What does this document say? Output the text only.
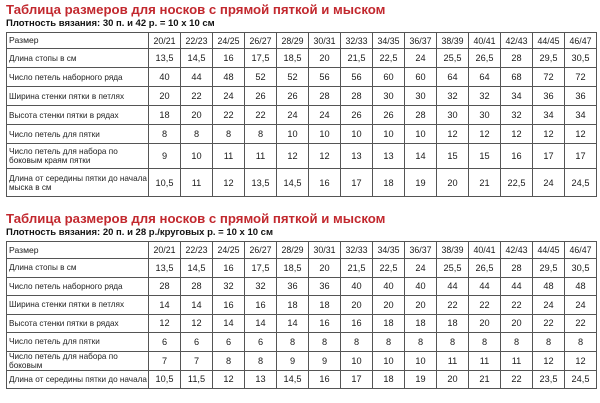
Таблица размеров для носков с прямой пяткой и мыском
Плотность вязания: 30 п. и 42 р. = 10 x 10 см
Размер	20/21	22/23	24/25	26/27	28/29	30/31	32/33	34/35	36/37	38/39	40/41	42/43	44/45	46/47
Длина стопы в см	13,5	14,5	16	17,5	18,5	20	21,5	22,5	24	25,5	26,5	28	29,5	30,5
Число петель наборного ряда	40	44	48	52	52	56	56	60	60	64	64	68	72	72
Ширина стенки пятки в петлях	20	22	24	26	26	28	28	30	30	32	32	34	36	36
Высота стенки пятки в рядах	18	20	22	22	24	24	26	26	28	30	30	32	34	34
Число петель для пятки	8	8	8	8	10	10	10	10	10	12	12	12	12	12
Число петель для набора по боковым краям пятки	9	10	11	11	12	12	13	13	14	15	15	16	17	17
Длина от середины пятки до начала мыска в см	10,5	11	12	13,5	14,5	16	17	18	19	20	21	22,5	24	24,5
Таблица размеров для носков с прямой пяткой и мыском
Плотность вязания: 20 п. и 28 р./круговых р. = 10 x 10 см
Размер	20/21	22/23	24/25	26/27	28/29	30/31	32/33	34/35	36/37	38/39	40/41	42/43	44/45	46/47
Длина стопы в см	13,5	14,5	16	17,5	18,5	20	21,5	22,5	24	25,5	26,5	28	29,5	30,5
Число петель наборного ряда	28	28	32	32	36	36	40	40	40	44	44	44	48	48
Ширина стенки пятки в петлях	14	14	16	16	18	18	20	20	20	22	22	22	24	24
Высота стенки пятки в рядах	12	12	14	14	14	16	16	18	18	18	20	20	22	22
Число петель для пятки	6	6	6	6	8	8	8	8	8	8	8	8	8	8
Число петель для набора по боковым	7	7	8	8	9	9	10	10	10	11	11	11	12	12
Длина от середины пятки до начала	10,5	11,5	12	13	14,5	16	17	18	19	20	21	22	23,5	24,5
